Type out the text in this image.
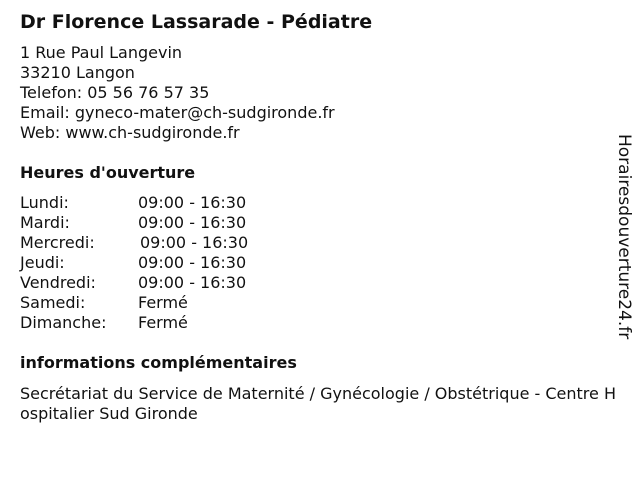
Dr Florence Lassarade - Pédiatre
1 Rue Paul Langevin
33210 Langon
Telefon: 05 56 76 57 35
Email: gyneco-mater@ch-sudgironde.fr
Web: www.ch-sudgironde.fr
Heures d'ouverture
Lundi:	09:00 - 16:30
Mardi:	09:00 - 16:30
Mercredi:	09:00 - 16:30
Jeudi:	09:00 - 16:30
Vendredi:	09:00 - 16:30
Samedi:	Fermé
Dimanche: Fermé
informations complémentaires
Secrétariat du Service de Maternité / Gynécologie / Obstétrique - Centre Hospitalier Sud Gironde
Horairesdouverture24.fr
